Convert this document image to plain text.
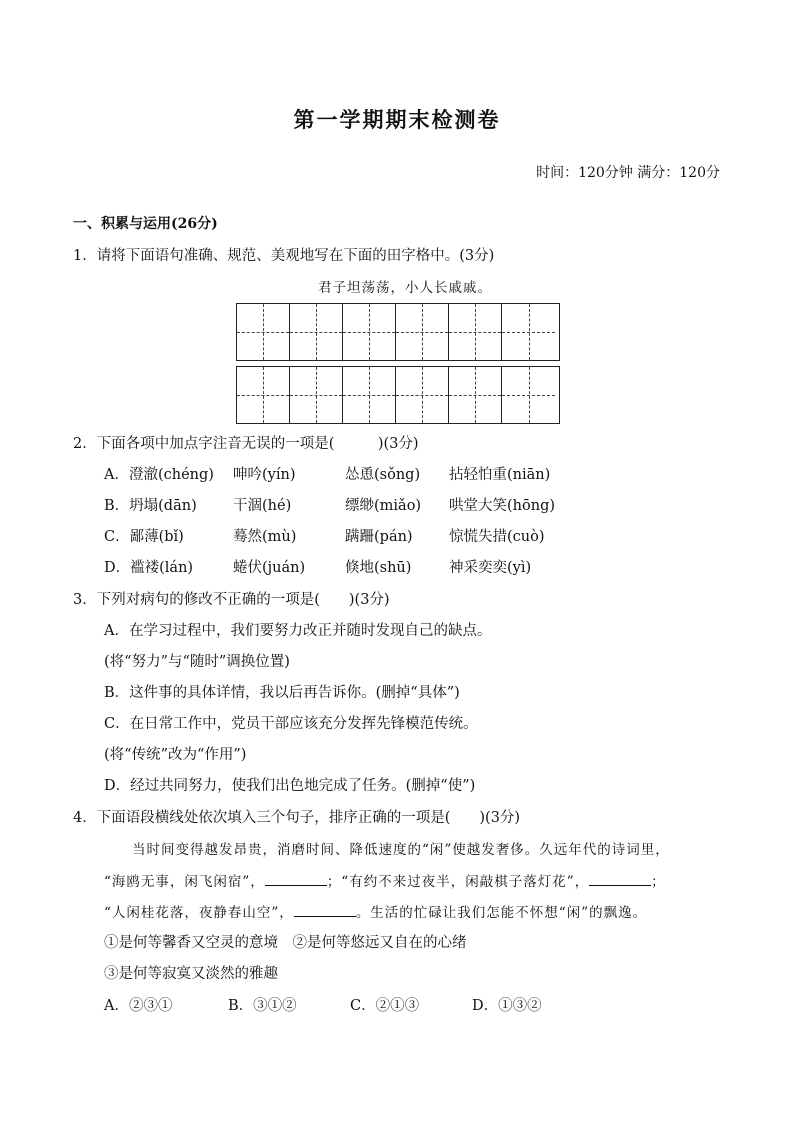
第一学期期末检测卷
时间：120分钟 满分：120分
一、积累与运用(26分)
1．请将下面语句准确、规范、美观地写在下面的田字格中。(3分)
君子坦荡荡，小人长戚戚。
2．下面各项中加点字注音无误的一项是(　　　)(3分)
A．澄澈(chéng) 呻吟(yín)	怂恿(sǒng) 拈轻怕重(niān)
B．坍塌(dān)	干涸(hé)	缥缈(miǎo) 哄堂大笑(hōng)
C．鄙薄(bǐ)	蓦然(mù)	蹒跚(pán)	惊慌失措(cuò)
D．褴褛(lán)	蜷伏(juán)	倏地(shū)	神采奕奕(yì)
3．下列对病句的修改不正确的一项是(　　)(3分)
A．在学习过程中，我们要努力改正并随时发现自己的缺点。
(将“努力”与“随时”调换位置)
B．这件事的具体详情，我以后再告诉你。(删掉“具体”)
C．在日常工作中，党员干部应该充分发挥先锋模范传统。
(将“传统”改为“作用”)
D．经过共同努力，使我们出色地完成了任务。(删掉“使”)
4．下面语段横线处依次填入三个句子，排序正确的一项是(　　)(3分)
当时间变得越发昂贵，消磨时间、降低速度的“闲”使越发奢侈。久远年代的诗词里，
“海鸥无事，闲飞闲宿”，	；“有约不来过夜半，闲敲棋子落灯花”，	；
“人闲桂花落，夜静春山空”，	。生活的忙碌让我们怎能不怀想“闲”的飘逸。
①是何等馨香又空灵的意境　②是何等悠远又自在的心绪
③是何等寂寞又淡然的雅趣
A．②③①	B．③①②	C．②①③	D．①③②
